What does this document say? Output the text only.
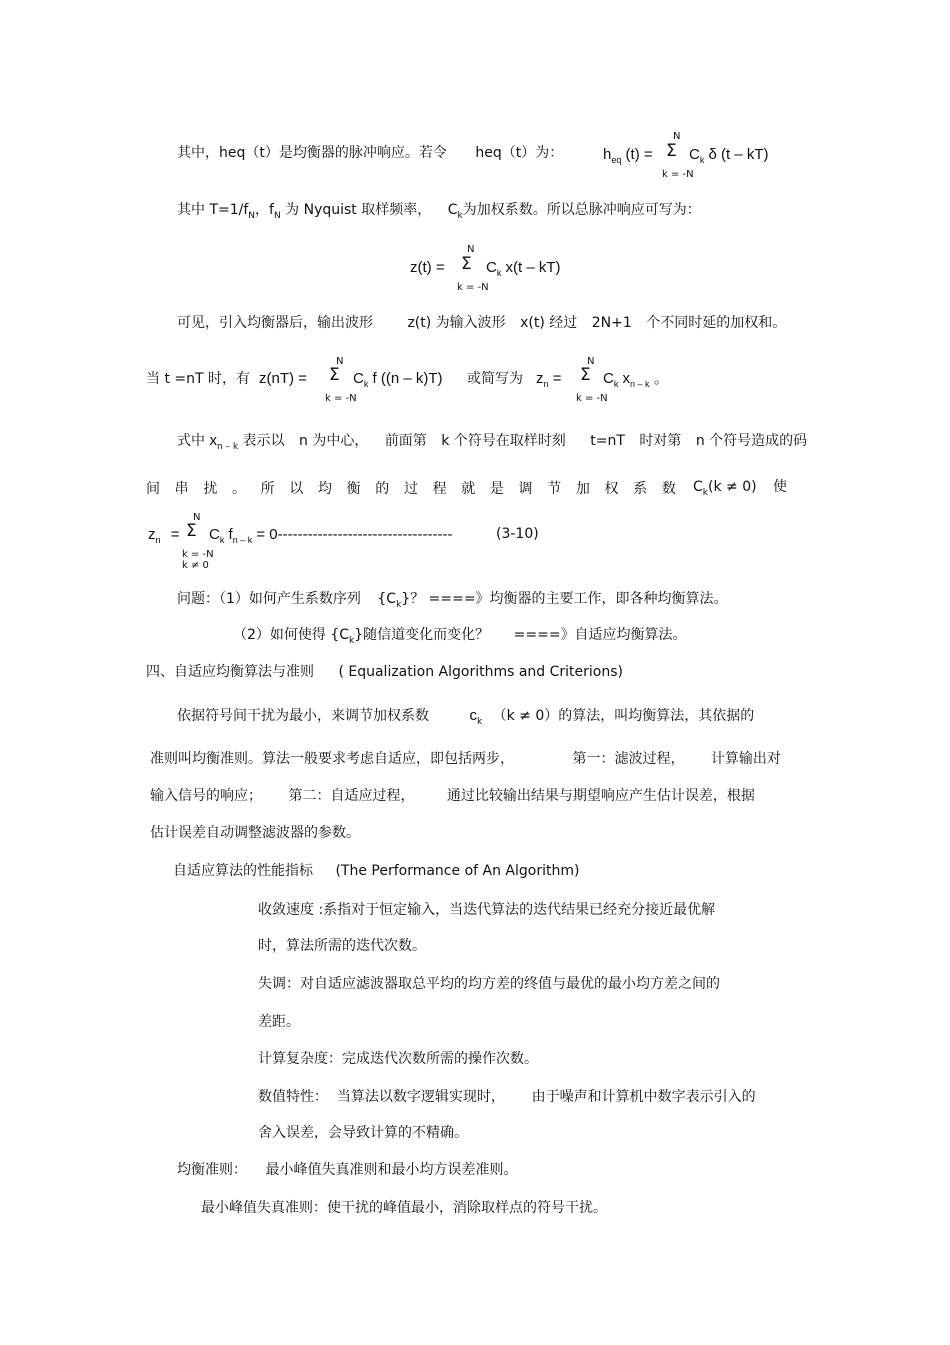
其中，heq（t）是均衡器的脉冲响应。若令 heq（t）为：	$h_{eq}$ (t) =
N
Σ
k = -N
$C_k$ δ (t – kT)
其中 $T=1/f_N$，$f_N$ 为 Nyquist 取样频率， $C_k$为加权系数。所以总脉冲响应可写为：
z(t) =
N
Σ
k = -N
$C_k$ x(t – kT)
可见，引入均衡器后，输出波形 z(t) 为输入波形 x(t) 经过 2N+1 个不同时延的加权和。
当 t =nT 时，有 z(nT) =
N
Σ
k = -N
$C_k$ f ((n – k)T) 或简写为 $z_n$ =
N
Σ
k = -N
$C_k$ $x_{n - k}$ 。
式中 $x_{n - k}$ 表示以 n 为中心， 前面第 k 个符号在取样时刻 t=nT 时对第 n 个符号造成的码
间 串 扰 。 所 以 均 衡 的 过 程 就 是 调 节 加 权 系 数 $C_k(k \ne 0)$ 使
$z_n$ =
N
Σ
k = -N
k ≠ 0
$C_k$ $f_{n - k} = 0-----------------------------------$	(3-10)
问题：（1）如何产生系数序列 $\{C_k\}$？ ====》均衡器的主要工作，即各种均衡算法。
（2）如何使得 $\{C_k\}$随信道变化而变化？ ====》自适应均衡算法。
四、自适应均衡算法与准则 ( Equalization Algorithms and Criterions)
依据符号间干扰为最小，来调节加权系数	$c_k$ （k ≠ 0）的算法，叫均衡算法，其依据的
准则叫均衡准则。算法一般要求考虑自适应，即包括两步，	第一：滤波过程， 计算输出对
输入信号的响应； 第二：自适应过程， 通过比较输出结果与期望响应产生估计误差，根据
估计误差自动调整滤波器的参数。
自适应算法的性能指标 (The Performance of An Algorithm)
收敛速度 :系指对于恒定输入，当迭代算法的迭代结果已经充分接近最优解
时，算法所需的迭代次数。
失调：对自适应滤波器取总平均的均方差的终值与最优的最小均方差之间的
差距。
计算复杂度：完成迭代次数所需的操作次数。
数值特性：  当算法以数字逻辑实现时，      由于噪声和计算机中数字表示引入的
舍入误差，会导致计算的不精确。
均衡准则： 最小峰值失真准则和最小均方误差准则。
最小峰值失真准则：使干扰的峰值最小，消除取样点的符号干扰。
